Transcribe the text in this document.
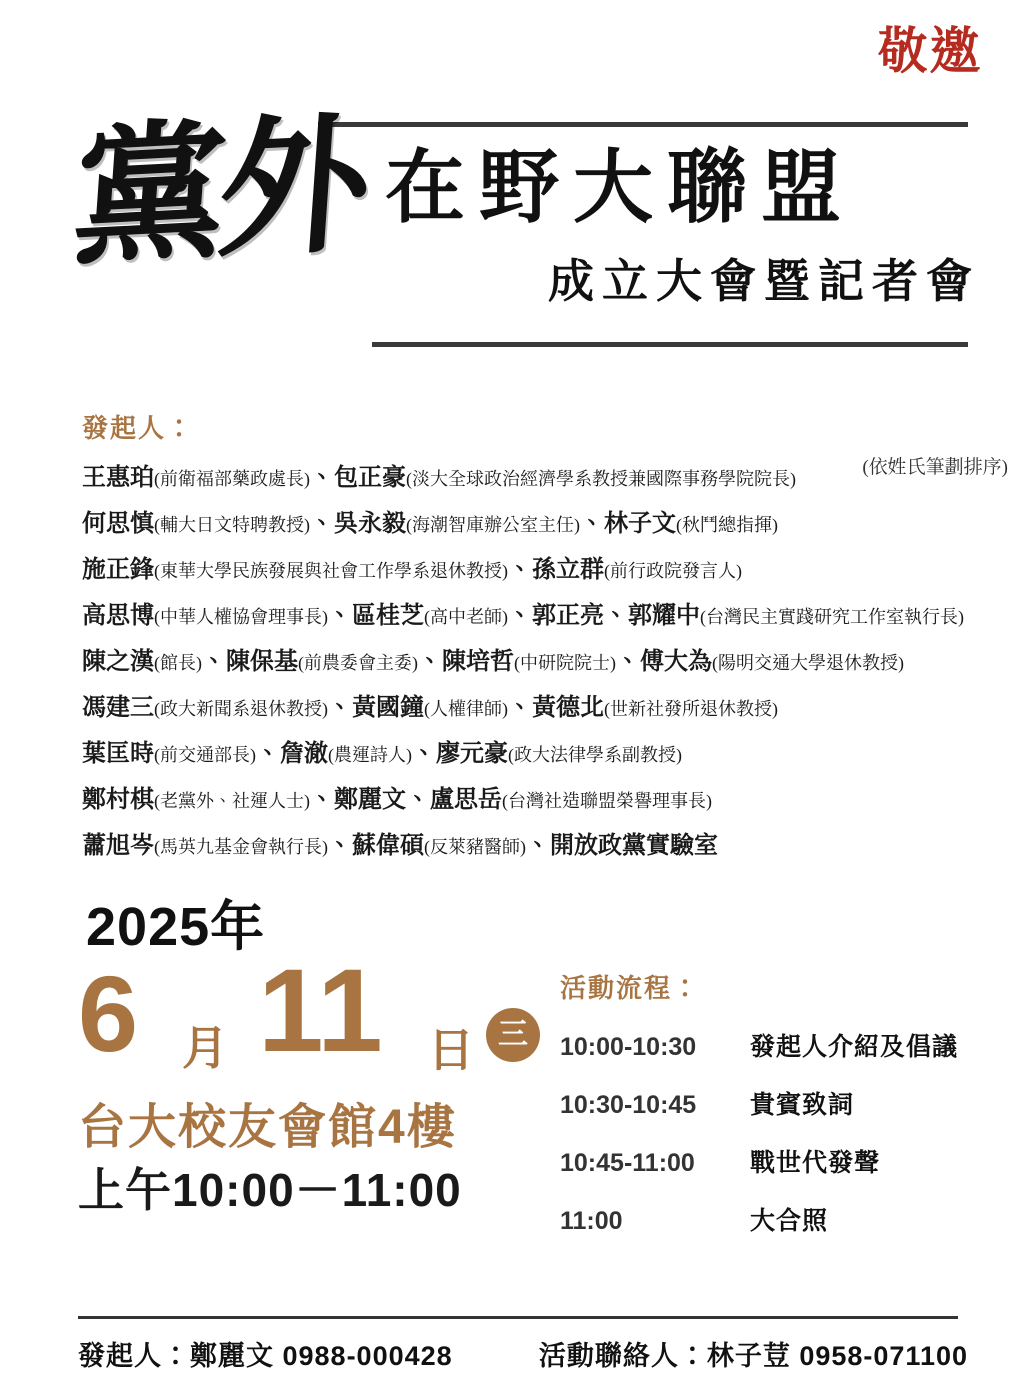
敬邀
黨外 在野大聯盟
成立大會暨記者會
發起人：
王惠珀(前衛福部藥政處長)、包正豪(淡大全球政治經濟學系教授兼國際事務學院院長)
何思慎(輔大日文特聘教授)、吳永毅(海潮智庫辦公室主任)、林子文(秋鬥總指揮)
施正鋒(東華大學民族發展與社會工作學系退休教授)、孫立群(前行政院發言人)
高思博(中華人權協會理事長)、區桂芝(高中老師)、郭正亮、郭耀中(台灣民主實踐研究工作室執行長)
陳之漢(館長)、陳保基(前農委會主委)、陳培哲(中研院院士)、傅大為(陽明交通大學退休教授)
馮建三(政大新聞系退休教授)、黃國鐘(人權律師)、黃德北(世新社發所退休教授)
葉匡時(前交通部長)、詹澈(農運詩人)、廖元豪(政大法律學系副教授)
鄭村棋(老黨外、社運人士)、鄭麗文、盧思岳(台灣社造聯盟榮譽理事長)
蕭旭岑(馬英九基金會執行長)、蘇偉碩(反萊豬醫師)、開放政黨實驗室
(依姓氏筆劃排序)
2025年
6 月 11 日 三
台大校友會館4樓
上午10:00－11:00
活動流程：
10:00-10:30	發起人介紹及倡議
10:30-10:45	貴賓致詞
10:45-11:00	戰世代發聲
11:00	大合照
發起人：鄭麗文 0988-000428	活動聯絡人：林子荳 0958-071100
